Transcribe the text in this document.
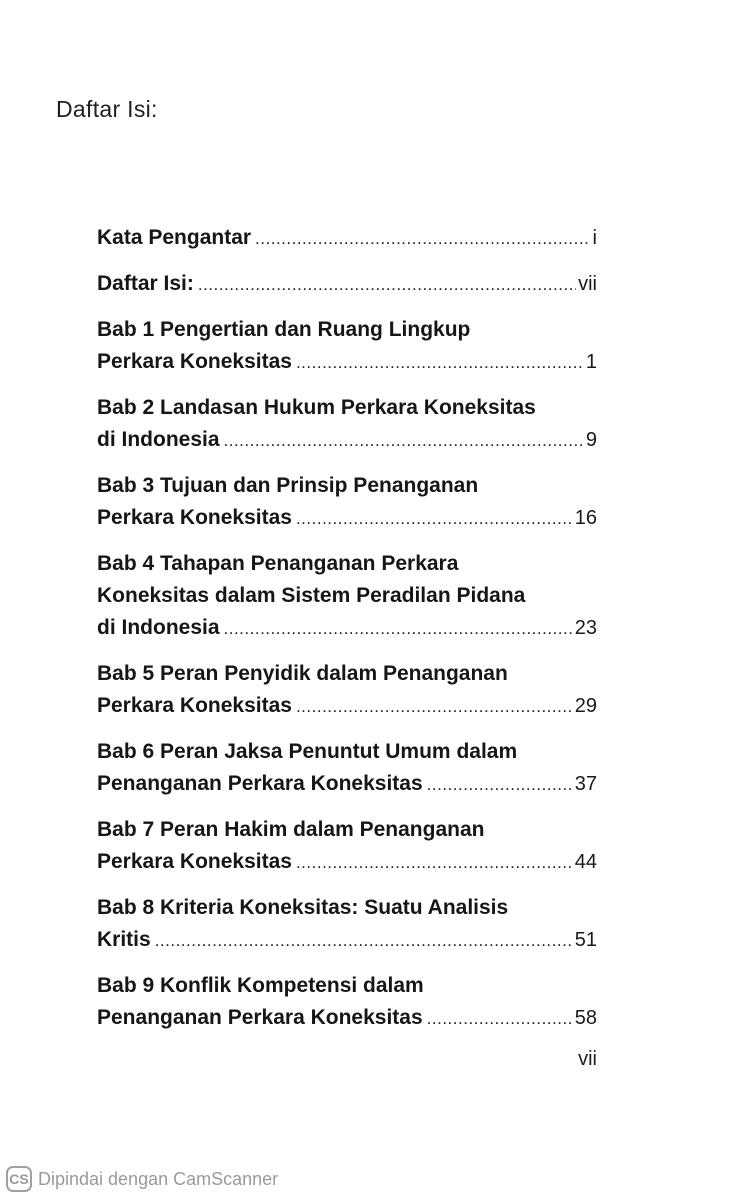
Daftar Isi:
Kata Pengantar .....	i
Daftar Isi: .....	vii
Bab 1 Pengertian dan Ruang Lingkup
Perkara Koneksitas .....	1
Bab 2 Landasan Hukum Perkara Koneksitas
di Indonesia .....	9
Bab 3 Tujuan dan Prinsip Penanganan
Perkara Koneksitas .....	16
Bab 4 Tahapan Penanganan Perkara
Koneksitas dalam Sistem Peradilan Pidana
di Indonesia .....	23
Bab 5 Peran Penyidik dalam Penanganan
Perkara Koneksitas .....	29
Bab 6 Peran Jaksa Penuntut Umum dalam
Penanganan Perkara Koneksitas .....	37
Bab 7 Peran Hakim dalam Penanganan
Perkara Koneksitas .....	44
Bab 8 Kriteria Koneksitas: Suatu Analisis
Kritis .....	51
Bab 9 Konflik Kompetensi dalam
Penanganan Perkara Koneksitas .....	58
vii
CS Dipindai dengan CamScanner
